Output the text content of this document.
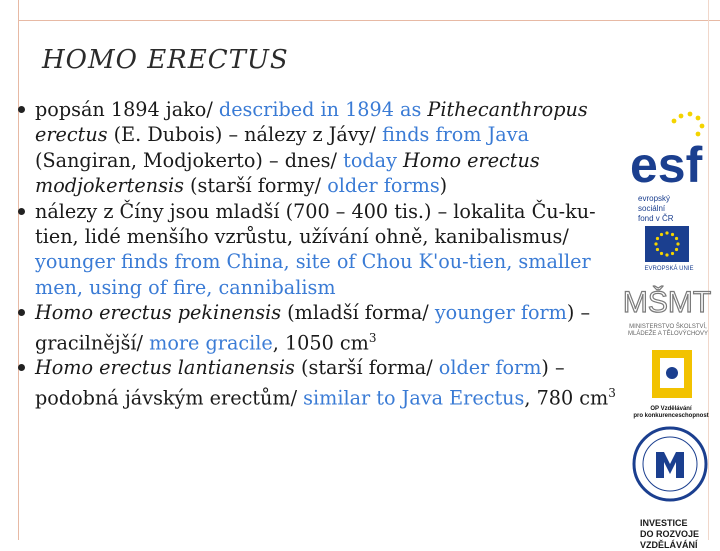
HOMO ERECTUS
popsán 1894 jako/ described in 1894 as Pithecanthropus erectus (E. Dubois) – nálezy z Jávy/ finds from Java (Sangiran, Modjokerto) – dnes/ today Homo erectus modjokertensis (starší formy/ older forms)
nálezy z Číny jsou mladší (700 – 400 tis.) – lokalita Ču-ku-tien, lidé menšího vzrůstu, užívání ohně, kanibalismus/ younger finds from China, site of Chou K'ou-tien, smaller men, using of fire, cannibalism
Homo erectus pekinensis (mladší forma/ younger form) – gracilnější/ more gracile, 1050 $cm^3$
Homo erectus lantianensis (starší forma/ older form) – podobná jávským erectům/ similar to Java Erectus, 780 $cm^3$
esf
evropský
sociální
fond v ČR
EVROPSKÁ UNIE
MŠMT
MINISTERSTVO ŠKOLSTVÍ,
MLÁDEŽE A TĚLOVÝCHOVY
OP Vzdělávání
pro konkurenceschopnost
INVESTICE
DO ROZVOJE
VZDĚLÁVÁNÍ
